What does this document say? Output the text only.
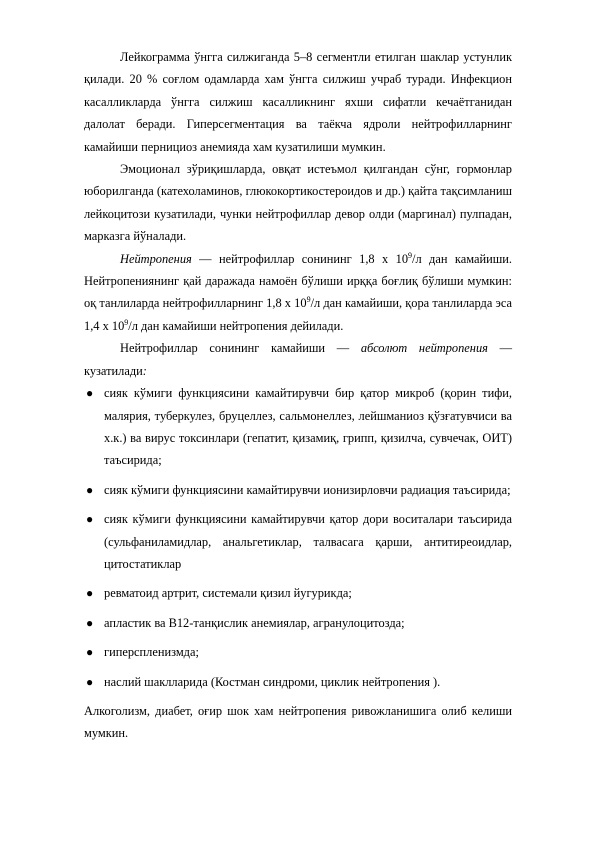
Лейкограмма ўнгга силжиганда 5–8 сегментли етилган шаклар устунлик қилади. 20 % соғлом одамларда хам ўнгга силжиш учраб туради. Инфекцион касалликларда ўнгга силжиш касалликнинг яхши сифатли кечаётганидан далолат беради. Гиперсегментация ва таёкча ядроли нейтрофилларнинг камайиши пернициоз анемияда хам кузатилиши мумкин.

Эмоционал зўриқишларда, овқат истеъмол қилгандан сўнг, гормонлар юборилганда (катехоламинов, глюкокортикостероидов и др.) қайта тақсимланиш лейкоцитози кузатилади, чунки нейтрофиллар девор олди (маргинал) пулпадан, марказга йўналади.

Нейтропения — нейтрофиллар сонининг 1,8 х $10^9/л$ дан камайиши. Нейтропениянинг қай даражада намоён бўлиши ирққа боғлиқ бўлиши мумкин: оқ танлиларда нейтрофилларнинг 1,8 х $10^9/л$ дан камайиши, қора танлиларда эса 1,4 х $10^9/л$ дан камайиши нейтропения дейилади.

Нейтрофиллар сонининг камайиши — абсолют нейтропения — кузатилади:

● сияк кўмиги функциясини камайтирувчи бир қатор микроб (қорин тифи, малярия, туберкулез, бруцеллез, сальмонеллез, лейшманиоз қўзғатувчиси ва х.к.) ва вирус токсинлари (гепатит, қизамиқ, грипп, қизилча, сувчечак, ОИТ) таъсирида;
● сияк кўмиги функциясини камайтирувчи ионизирловчи радиация таъсирида;
● сияк кўмиги функциясини камайтирувчи қатор дори воситалари таъсирида (сульфаниламидлар, анальгетиклар, талвасага қарши, антитиреоидлар, цитостатиклар
● ревматоид артрит, системали қизил йугурикда;
● апластик ва В12-танқислик анемиялар, агранулоцитозда;
● гиперспленизмда;
● наслий шаклларида (Костман синдроми, циклик нейтропения ).

Алкоголизм, диабет, оғир шок хам нейтропения ривожланишига олиб келиши мумкин.
